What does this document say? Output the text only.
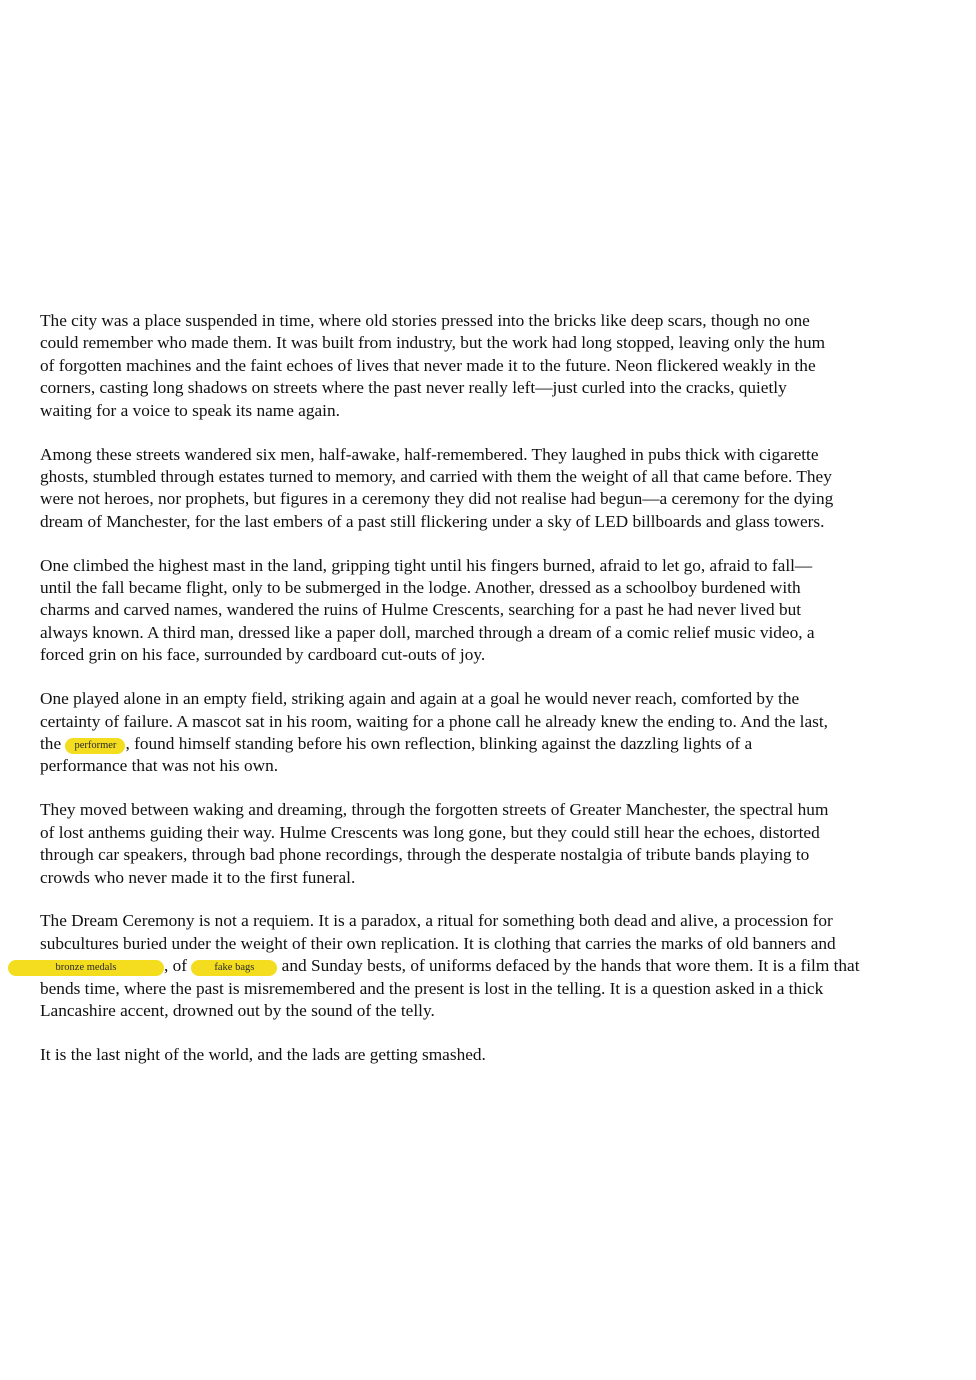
The city was a place suspended in time, where old stories pressed into the bricks like deep scars, though no one
could remember who made them. It was built from industry, but the work had long stopped, leaving only the hum
of forgotten machines and the faint echoes of lives that never made it to the future. Neon flickered weakly in the
corners, casting long shadows on streets where the past never really left—just curled into the cracks, quietly
waiting for a voice to speak its name again.

Among these streets wandered six men, half-awake, half-remembered. They laughed in pubs thick with cigarette
ghosts, stumbled through estates turned to memory, and carried with them the weight of all that came before. They
were not heroes, nor prophets, but figures in a ceremony they did not realise had begun—a ceremony for the dying
dream of Manchester, for the last embers of a past still flickering under a sky of LED billboards and glass towers.

One climbed the highest mast in the land, gripping tight until his fingers burned, afraid to let go, afraid to fall—
until the fall became flight, only to be submerged in the lodge. Another, dressed as a schoolboy burdened with
charms and carved names, wandered the ruins of Hulme Crescents, searching for a past he had never lived but
always known. A third man, dressed like a paper doll, marched through a dream of a comic relief music video, a
forced grin on his face, surrounded by cardboard cut-outs of joy.

One played alone in an empty field, striking again and again at a goal he would never reach, comforted by the
certainty of failure. A mascot sat in his room, waiting for a phone call he already knew the ending to. And the last,
the performer , found himself standing before his own reflection, blinking against the dazzling lights of a
performance that was not his own.

They moved between waking and dreaming, through the forgotten streets of Greater Manchester, the spectral hum
of lost anthems guiding their way. Hulme Crescents was long gone, but they could still hear the echoes, distorted
through car speakers, through bad phone recordings, through the desperate nostalgia of tribute bands playing to
crowds who never made it to the first funeral.

The Dream Ceremony is not a requiem. It is a paradox, a ritual for something both dead and alive, a procession for
subcultures buried under the weight of their own replication. It is clothing that carries the marks of old banners and
bronze medals	, of fake bags and Sunday bests, of uniforms defaced by the hands that wore them. It is a film that
bends time, where the past is misremembered and the present is lost in the telling. It is a question asked in a thick
Lancashire accent, drowned out by the sound of the telly.

It is the last night of the world, and the lads are getting smashed.
